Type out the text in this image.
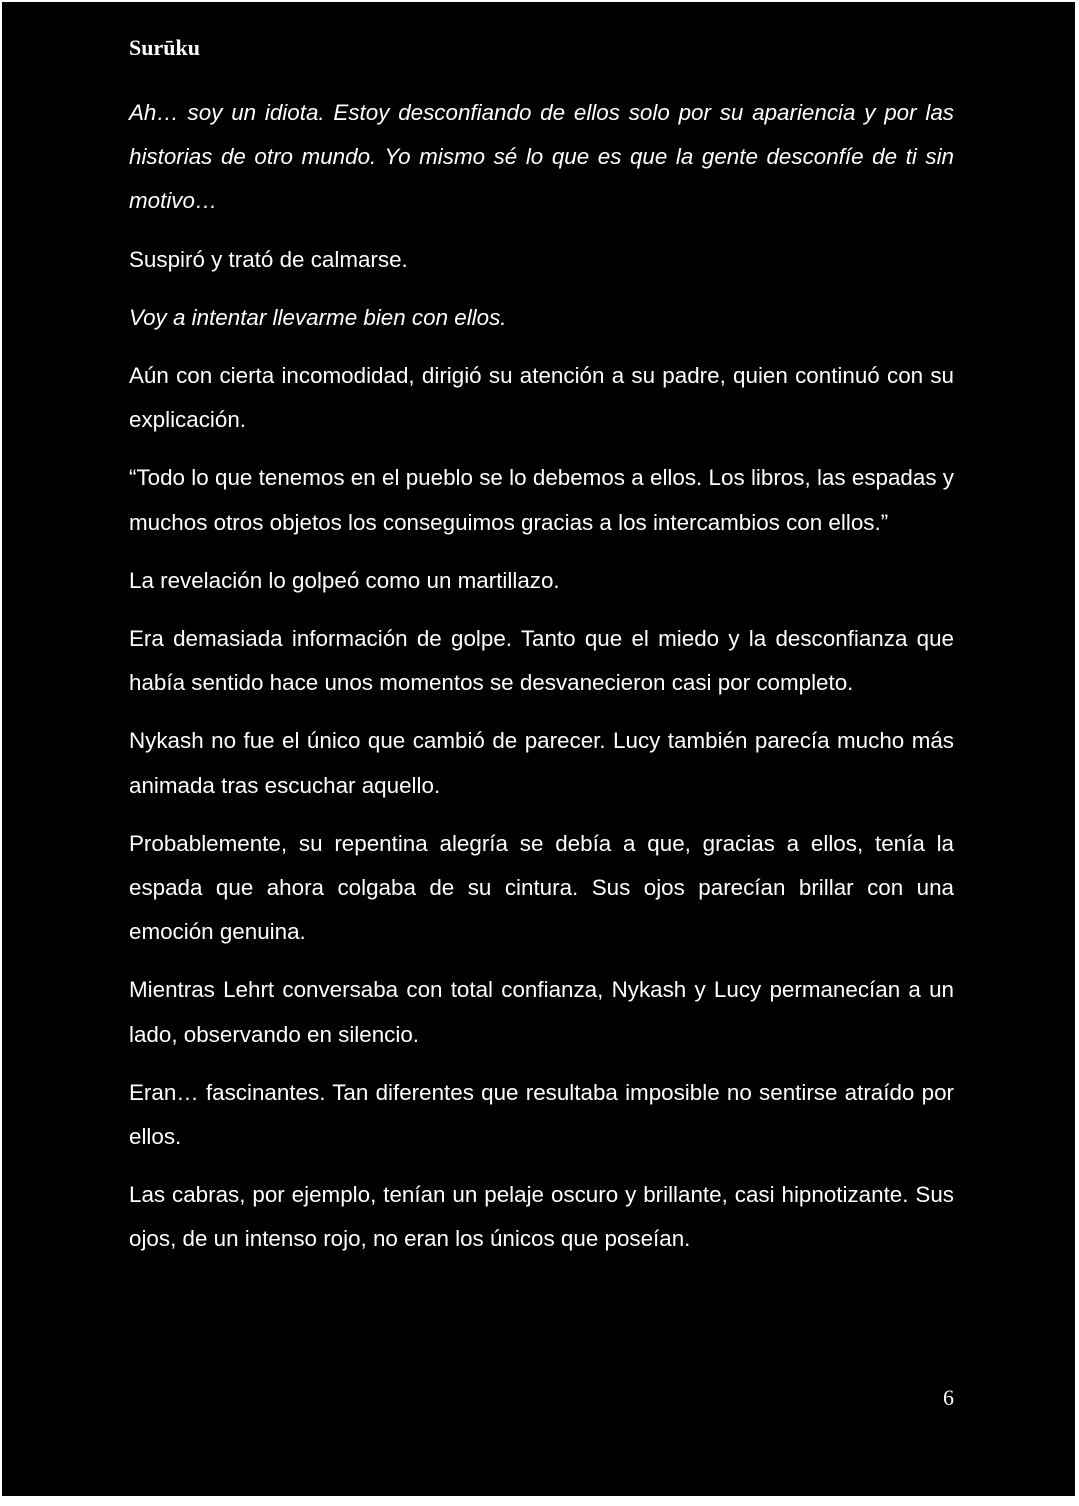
Surūku

Ah… soy un idiota. Estoy desconfiando de ellos solo por su apariencia y por las historias de otro mundo. Yo mismo sé lo que es que la gente desconfíe de ti sin motivo…

Suspiró y trató de calmarse.

Voy a intentar llevarme bien con ellos.

Aún con cierta incomodidad, dirigió su atención a su padre, quien continuó con su explicación.

“Todo lo que tenemos en el pueblo se lo debemos a ellos. Los libros, las espadas y muchos otros objetos los conseguimos gracias a los intercambios con ellos.”

La revelación lo golpeó como un martillazo.

Era demasiada información de golpe. Tanto que el miedo y la desconfianza que había sentido hace unos momentos se desvanecieron casi por completo.

Nykash no fue el único que cambió de parecer. Lucy también parecía mucho más animada tras escuchar aquello.

Probablemente, su repentina alegría se debía a que, gracias a ellos, tenía la espada que ahora colgaba de su cintura. Sus ojos parecían brillar con una emoción genuina.

Mientras Lehrt conversaba con total confianza, Nykash y Lucy permanecían a un lado, observando en silencio.

Eran… fascinantes. Tan diferentes que resultaba imposible no sentirse atraído por ellos.

Las cabras, por ejemplo, tenían un pelaje oscuro y brillante, casi hipnotizante. Sus ojos, de un intenso rojo, no eran los únicos que poseían.

6
